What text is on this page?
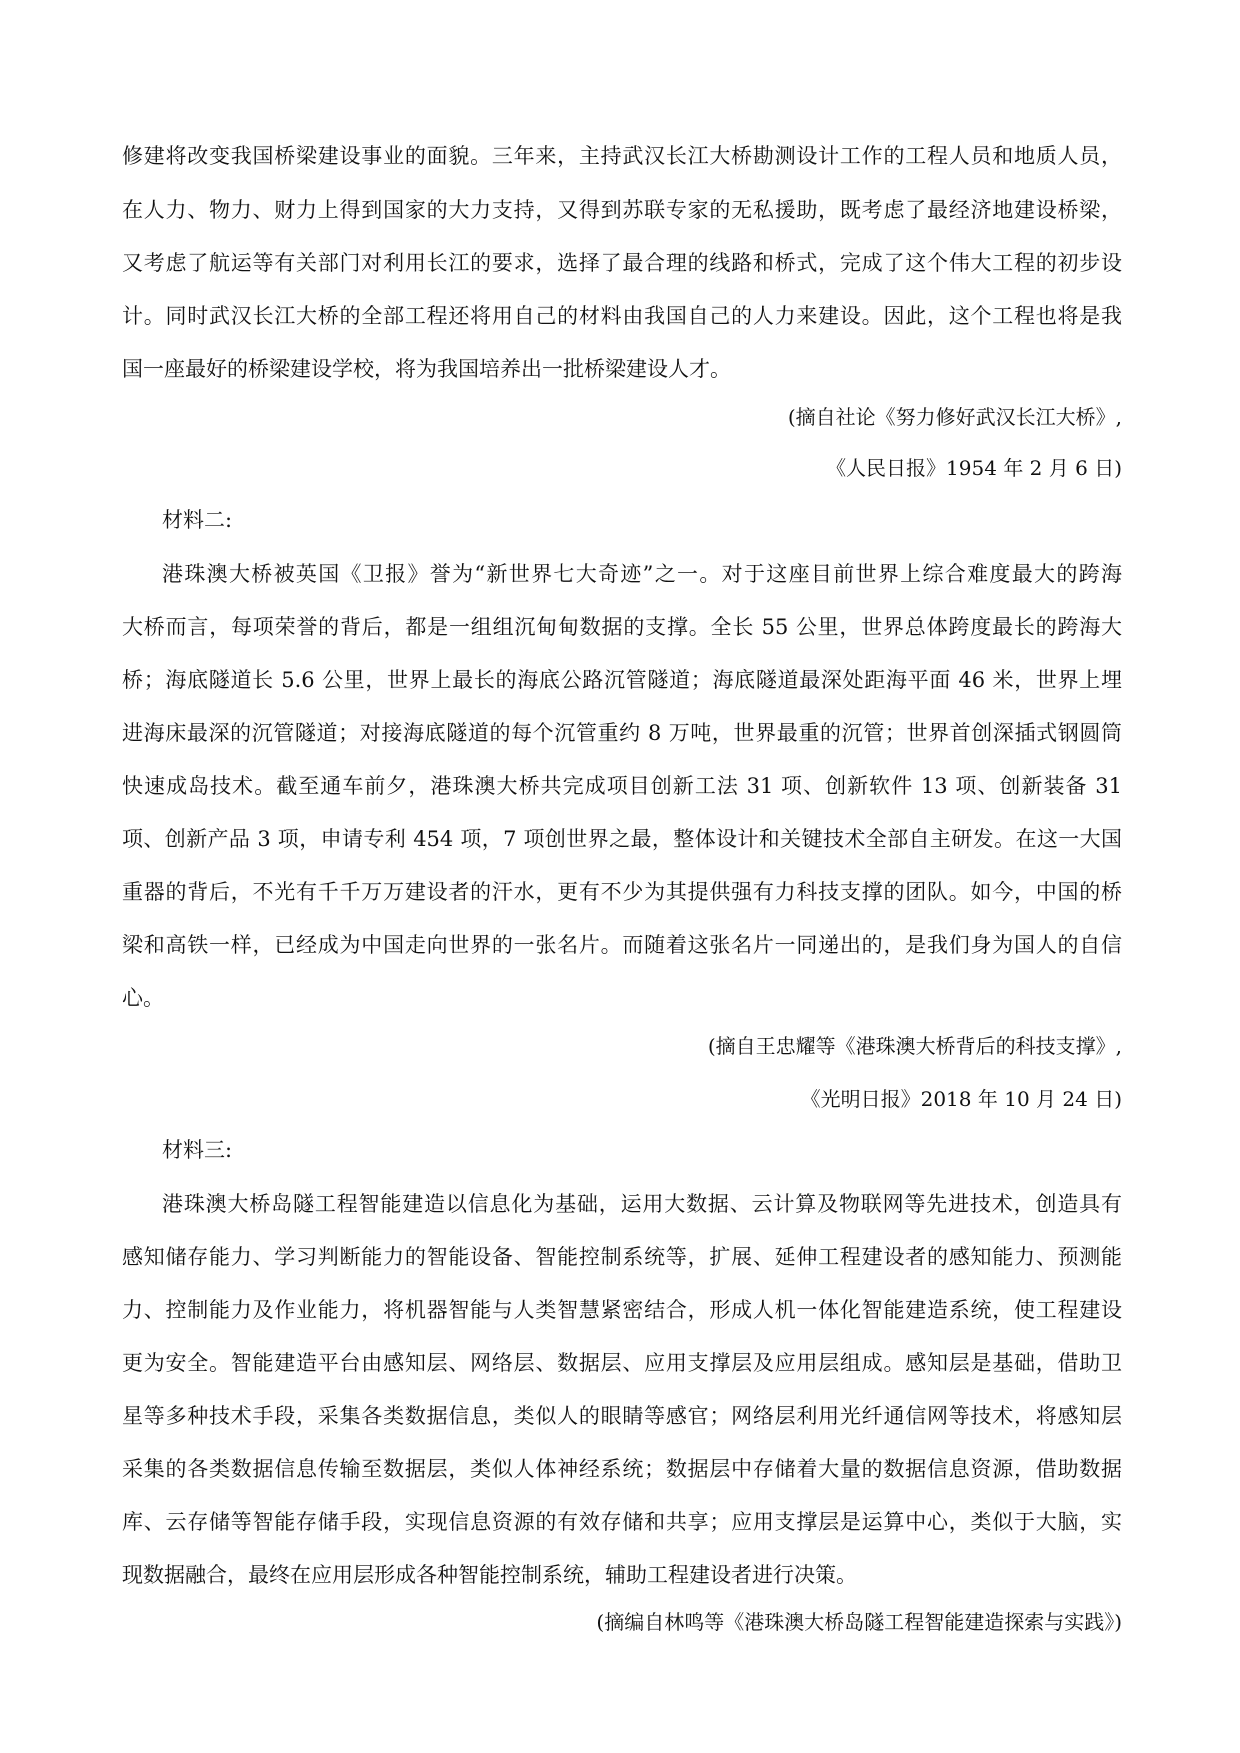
修建将改变我国桥梁建设事业的面貌。三年来，主持武汉长江大桥勘测设计工作的工程人员和地质人员，
在人力、物力、财力上得到国家的大力支持，又得到苏联专家的无私援助，既考虑了最经济地建设桥梁，
又考虑了航运等有关部门对利用长江的要求，选择了最合理的线路和桥式，完成了这个伟大工程的初步设
计。同时武汉长江大桥的全部工程还将用自己的材料由我国自己的人力来建设。因此，这个工程也将是我
国一座最好的桥梁建设学校，将为我国培养出一批桥梁建设人才。
(摘自社论《努力修好武汉长江大桥》,
《人民日报》1954 年 2 月 6 日)
材料二:
港珠澳大桥被英国《卫报》誉为“新世界七大奇迹”之一。对于这座目前世界上综合难度最大的跨海
大桥而言，每项荣誉的背后，都是一组组沉甸甸数据的支撑。全长 55 公里，世界总体跨度最长的跨海大
桥；海底隧道长 5.6 公里，世界上最长的海底公路沉管隧道；海底隧道最深处距海平面 46 米，世界上埋
进海床最深的沉管隧道；对接海底隧道的每个沉管重约 8 万吨，世界最重的沉管；世界首创深插式钢圆筒
快速成岛技术。截至通车前夕，港珠澳大桥共完成项目创新工法 31 项、创新软件 13 项、创新装备 31
项、创新产品 3 项，申请专利 454 项，7 项创世界之最，整体设计和关键技术全部自主研发。在这一大国
重器的背后，不光有千千万万建设者的汗水，更有不少为其提供强有力科技支撑的团队。如今，中国的桥
梁和高铁一样，已经成为中国走向世界的一张名片。而随着这张名片一同递出的，是我们身为国人的自信
心。
(摘自王忠耀等《港珠澳大桥背后的科技支撑》,
《光明日报》2018 年 10 月 24 日)
材料三:
港珠澳大桥岛隧工程智能建造以信息化为基础，运用大数据、云计算及物联网等先进技术，创造具有
感知储存能力、学习判断能力的智能设备、智能控制系统等，扩展、延伸工程建设者的感知能力、预测能
力、控制能力及作业能力，将机器智能与人类智慧紧密结合，形成人机一体化智能建造系统，使工程建设
更为安全。智能建造平台由感知层、网络层、数据层、应用支撑层及应用层组成。感知层是基础，借助卫
星等多种技术手段，采集各类数据信息，类似人的眼睛等感官；网络层利用光纤通信网等技术，将感知层
采集的各类数据信息传输至数据层，类似人体神经系统；数据层中存储着大量的数据信息资源，借助数据
库、云存储等智能存储手段，实现信息资源的有效存储和共享；应用支撑层是运算中心，类似于大脑，实
现数据融合，最终在应用层形成各种智能控制系统，辅助工程建设者进行决策。
(摘编自林鸣等《港珠澳大桥岛隧工程智能建造探索与实践》)
